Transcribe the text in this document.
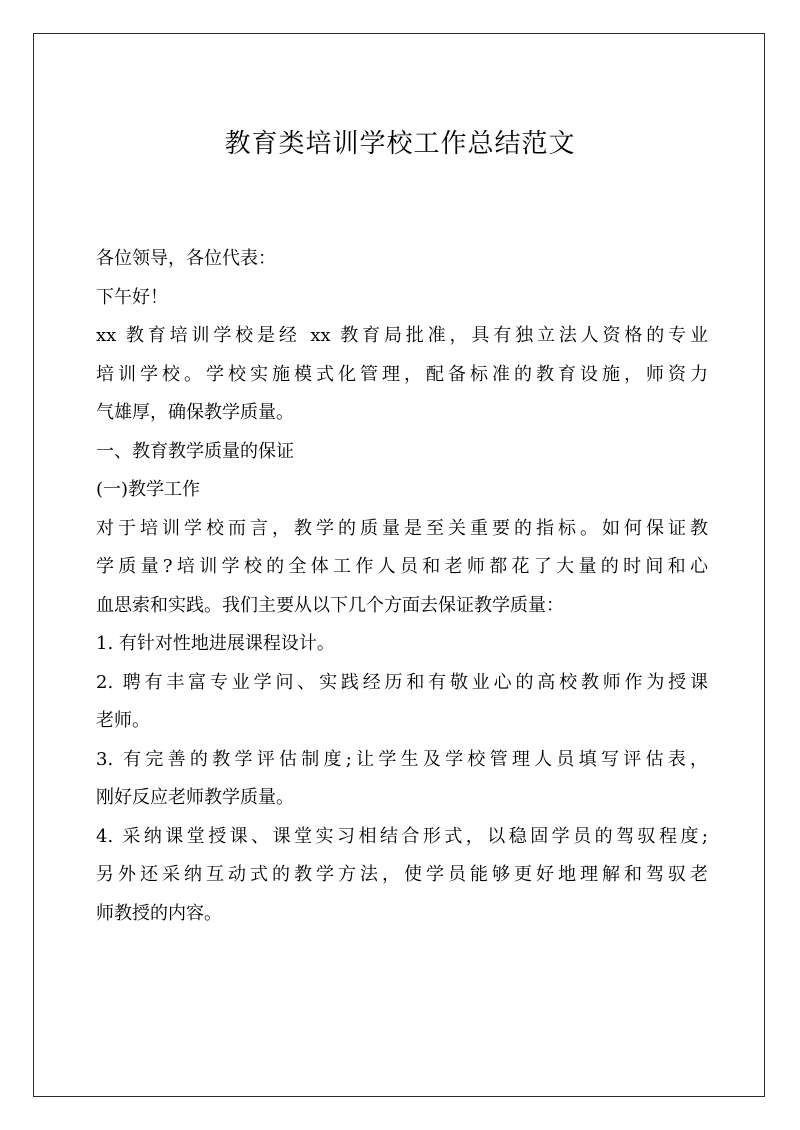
教育类培训学校工作总结范文

各位领导，各位代表：

下午好！

xx 教育培训学校是经 xx 教育局批准，具有独立法人资格的专业

培训学校。学校实施模式化管理，配备标准的教育设施，师资力

气雄厚，确保教学质量。

一、教育教学质量的保证

(一)教学工作

对于培训学校而言，教学的质量是至关重要的指标。如何保证教

学质量?培训学校的全体工作人员和老师都花了大量的时间和心

血思索和实践。我们主要从以下几个方面去保证教学质量：

1. 有针对性地进展课程设计。

2. 聘有丰富专业学问、实践经历和有敬业心的高校教师作为授课

老师。

3. 有完善的教学评估制度;让学生及学校管理人员填写评估表，

刚好反应老师教学质量。

4. 采纳课堂授课、课堂实习相结合形式，以稳固学员的驾驭程度;

另外还采纳互动式的教学方法，使学员能够更好地理解和驾驭老

师教授的内容。
